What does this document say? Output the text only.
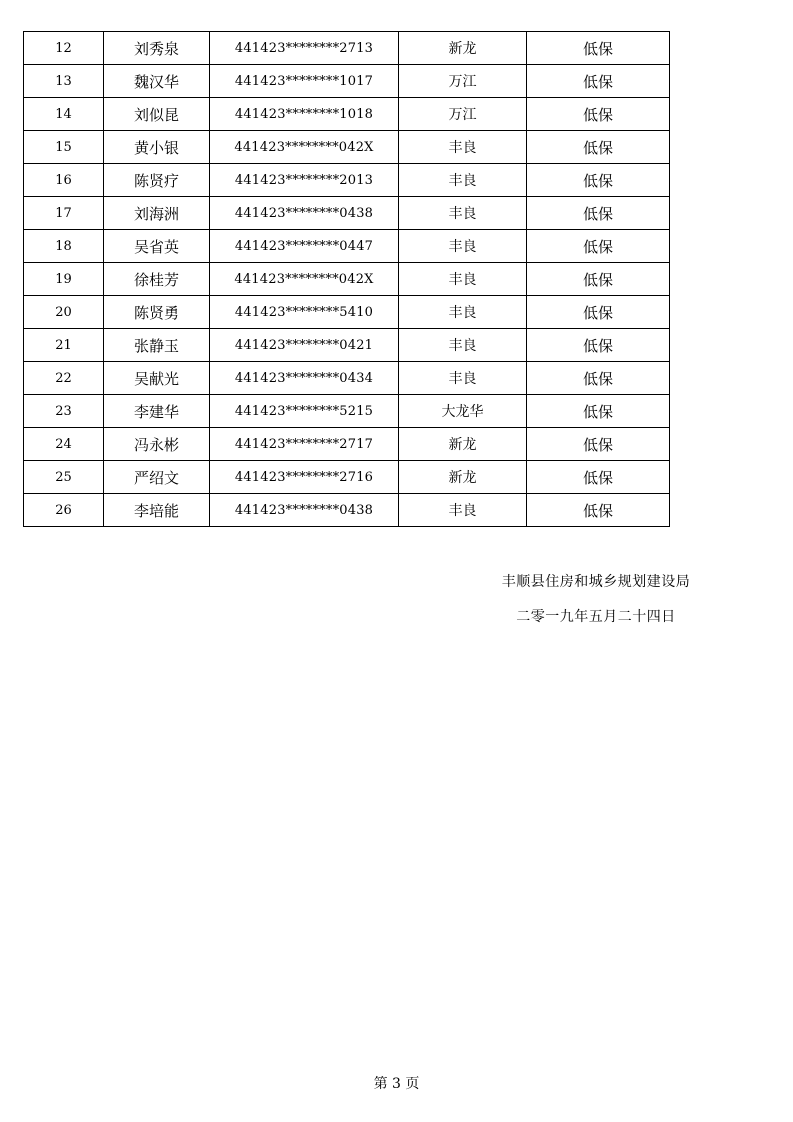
12	刘秀泉	441423********2713	新龙	低保
13	魏汉华	441423********1017	万江	低保
14	刘似昆	441423********1018	万江	低保
15	黄小银	441423********042X	丰良	低保
16	陈贤疗	441423********2013	丰良	低保
17	刘海洲	441423********0438	丰良	低保
18	吴省英	441423********0447	丰良	低保
19	徐桂芳	441423********042X	丰良	低保
20	陈贤勇	441423********5410	丰良	低保
21	张静玉	441423********0421	丰良	低保
22	吴献光	441423********0434	丰良	低保
23	李建华	441423********5215	大龙华	低保
24	冯永彬	441423********2717	新龙	低保
25	严绍文	441423********2716	新龙	低保
26	李培能	441423********0438	丰良	低保
丰顺县住房和城乡规划建设局
二零一九年五月二十四日
第 3 页
